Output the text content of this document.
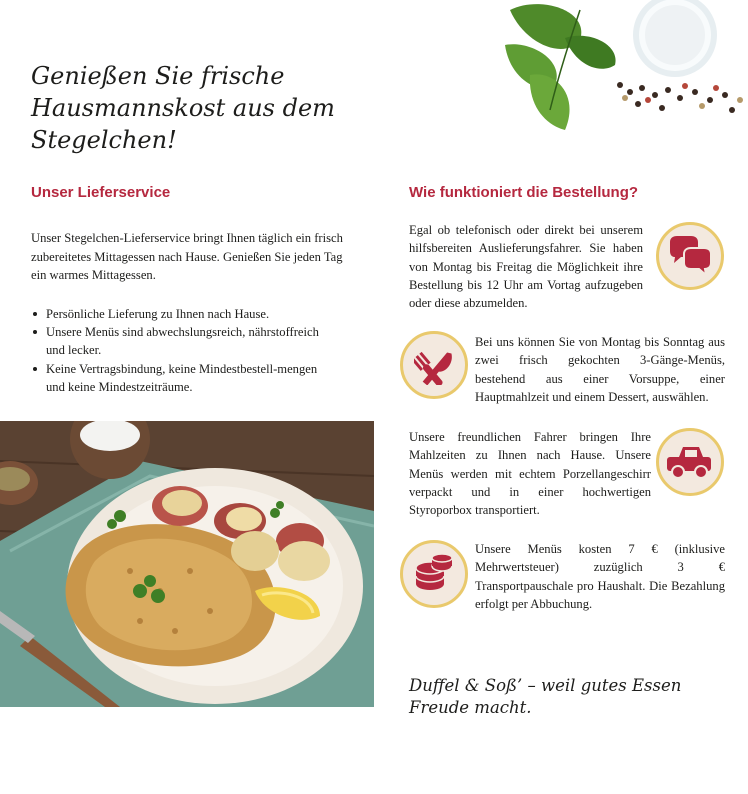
Genießen Sie frische
Hausmannskost aus dem
Stegelchen!
Unser Lieferservice

Unser Stegelchen-Lieferservice bringt Ihnen täglich ein frisch zubereitetes Mittagessen nach Hause. Genießen Sie jeden Tag ein warmes Mittagessen.

Persönliche Lieferung zu Ihnen nach Hause.
Unsere Menüs sind abwechslungsreich, nährstoffreich und lecker.
Keine Vertragsbindung, keine Mindestbestell-mengen und keine Mindestzeiträume.
Wie funktioniert die Bestellung?

Egal ob telefonisch oder direkt bei unserem hilfsbereiten Auslieferungsfahrer. Sie haben von Montag bis Freitag die Möglichkeit ihre Bestellung bis 12 Uhr am Vortag aufzugeben oder diese abzumelden.

Bei uns können Sie von Montag bis Sonntag aus zwei frisch gekochten 3-Gänge-Menüs, bestehend aus einer Vorsuppe, einer Hauptmahlzeit und einem Dessert, auswählen.

Unsere freundlichen Fahrer bringen Ihre Mahlzeiten zu Ihnen nach Hause. Unsere Menüs werden mit echtem Porzellangeschirr verpackt und in einer hochwertigen Styroporbox transportiert.

Unsere Menüs kosten 7 € (inklusive Mehrwertsteuer) zuzüglich 3 € Transportpauschale pro Haushalt. Die Bezahlung erfolgt per Abbuchung.

Duffel & Soß’ – weil gutes Essen
Freude macht.
